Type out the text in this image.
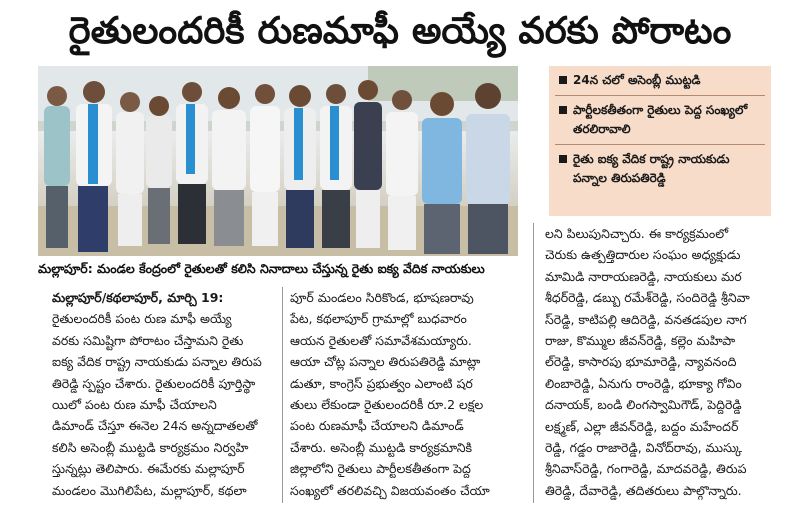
రైతులందరికీ రుణమాఫీ అయ్యే వరకు పోరాటం
మల్లాపూర్: మండల కేంద్రంలో రైతులతో కలిసి నినాదాలు చేస్తున్న రైతు ఐక్య వేదిక నాయకులు
24న చలో అసెంబ్లీ ముట్టడి
పార్టీలకతీతంగా రైతులు పెద్ద సంఖ్యలో తరలిరావాలి
రైతు ఐక్య వేదిక రాష్ట్ర నాయకుడు పన్నాల తిరుపతిరెడ్డి
మల్లాపూర్/కథలాపూర్, మార్చి 19:
రైతులందరికీ పంట రుణ మాఫీ అయ్యే
వరకు సమిష్టిగా పోరాటం చేస్తామని రైతు
ఐక్య వేదిక రాష్ట్ర నాయకుడు పన్నాల తిరుప
తిరెడ్డి స్పష్టం చేశారు. రైతులందరికీ పూర్తిస్థా
యిలో పంట రుణ మాఫీ చేయాలని
డిమాండ్ చేస్తూ ఈనెల 24న అన్నదాతలతో
కలిసి అసెంబ్లీ ముట్టడి కార్యక్రమం నిర్వహి
స్తున్నట్లు తెలిపారు. ఈమేరకు మల్లాపూర్
మండలం మొగిలిపేట, మల్లాపూర్, కథలా
పూర్ మండలం సిరికొండ, భూషణరావు
పేట, కథలాపూర్ గ్రామాల్లో బుధవారం
ఆయన రైతులతో సమావేశమయ్యారు.
ఆయా చోట్ల పన్నాల తిరుపతిరెడ్డి మాట్లా
డుతూ, కాంగ్రెస్ ప్రభుత్వం ఎలాంటి షర
తులు లేకుండా రైతులందరికీ రూ.2 లక్షల
పంట రుణమాఫీ చేయాలని డిమాండ్
చేశారు. అసెంబ్లీ ముట్టడి కార్యక్రమానికి
జిల్లాలోని రైతులు పార్టీలకతీతంగా పెద్ద
సంఖ్యలో తరలివచ్చి విజయవంతం చేయా
లని పిలుపునిచ్చారు. ఈ కార్యక్రమంలో
చెరుకు ఉత్పత్తిదారుల సంఘం అధ్యక్షుడు
మామిడి నారాయణరెడ్డి, నాయకులు మర
శీధర్‌రెడ్డి, డబ్బు రమేశ్‌రెడ్డి, సందిరెడ్డి శ్రీనివా
స్‌రెడ్డి, కాటిపల్లి ఆదిరెడ్డి, వనతడపుల నాగ
రాజు, కొమ్ముల జీవన్‌రెడ్డి, కల్లెం మహిపా
ల్‌రెడ్డి, కాసారపు భూమారెడ్డి, న్యావనంది
లింబారెడ్డి, ఏనుగు రాంరెడ్డి, భూక్యా గోవిం
దనాయక్, బండి లింగస్వామిగౌడ్, పెద్దిరెడ్డి
లక్ష్మణ్, ఎల్లా జీవన్‌రెడ్డి, బద్దం మహేందర్
రెడ్డి, గడ్డం రాజారెడ్డి, వినోద్‌రావు, ముస్కు
శ్రీనివాస్‌రెడ్డి, గంగారెడ్డి, మాదవరెడ్డి, తిరుప
తిరెడ్డి, దేవారెడ్డి, తదితరులు పాల్గొన్నారు.
